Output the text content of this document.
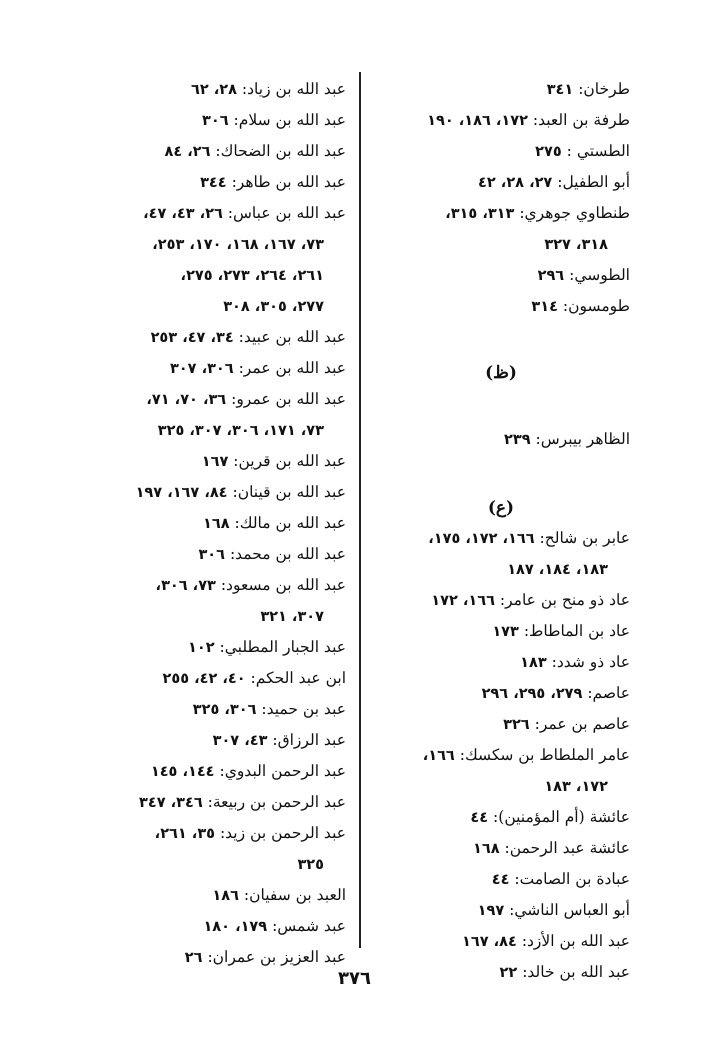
طرخان: ٣٤١
طرفة بن العبد: ١٧٢، ١٨٦، ١٩٠
الطستي : ٢٧٥
أبو الطفيل: ٢٧، ٢٨، ٤٢
طنطاوي جوهري: ٣١٣، ٣١٥،
٣١٨، ٣٢٧
الطوسي: ٢٩٦
طومسون: ٣١٤
(ظ)
الظاهر بيبرس: ٢٣٩
(ع)
عابر بن شالح: ١٦٦، ١٧٢، ١٧٥،
١٨٣، ١٨٤، ١٨٧
عاد ذو منح بن عامر: ١٦٦، ١٧٢
عاد بن الماطاط: ١٧٣
عاد ذو شدد: ١٨٣
عاصم: ٢٧٩، ٢٩٥، ٢٩٦
عاصم بن عمر: ٣٢٦
عامر الملطاط بن سكسك: ١٦٦،
١٧٢، ١٨٣
عائشة (أم المؤمنين): ٤٤
عائشة عبد الرحمن: ١٦٨
عبادة بن الصامت: ٤٤
أبو العباس الناشي: ١٩٧
عبد الله بن الأزد: ٨٤، ١٦٧
عبد الله بن خالد: ٢٢
عبد الله بن زياد: ٢٨، ٦٢
عبد الله بن سلام: ٣٠٦
عبد الله بن الضحاك: ٢٦، ٨٤
عبد الله بن طاهر: ٣٤٤
عبد الله بن عباس: ٢٦، ٤٣، ٤٧،
٧٣، ١٦٧، ١٦٨، ١٧٠، ٢٥٣،
٢٦١، ٢٦٤، ٢٧٣، ٢٧٥،
٢٧٧، ٣٠٥، ٣٠٨
عبد الله بن عبيد: ٣٤، ٤٧، ٢٥٣
عبد الله بن عمر: ٣٠٦، ٣٠٧
عبد الله بن عمرو: ٣٦، ٧٠، ٧١،
٧٣، ١٧١، ٣٠٦، ٣٠٧، ٣٢٥
عبد الله بن قرين: ١٦٧
عبد الله بن قينان: ٨٤، ١٦٧، ١٩٧
عبد الله بن مالك: ١٦٨
عبد الله بن محمد: ٣٠٦
عبد الله بن مسعود: ٧٣، ٣٠٦،
٣٠٧، ٣٢١
عبد الجبار المطلبي: ١٠٢
ابن عبد الحكم: ٤٠، ٤٢، ٢٥٥
عبد بن حميد: ٣٠٦، ٣٢٥
عبد الرزاق: ٤٣، ٣٠٧
عبد الرحمن البدوي: ١٤٤، ١٤٥
عبد الرحمن بن ربيعة: ٣٤٦، ٣٤٧
عبد الرحمن بن زيد: ٣٥، ٢٦١،
٣٢٥
العبد بن سفيان: ١٨٦
عبد شمس: ١٧٩، ١٨٠
عبد العزيز بن عمران: ٢٦
٣٧٦
